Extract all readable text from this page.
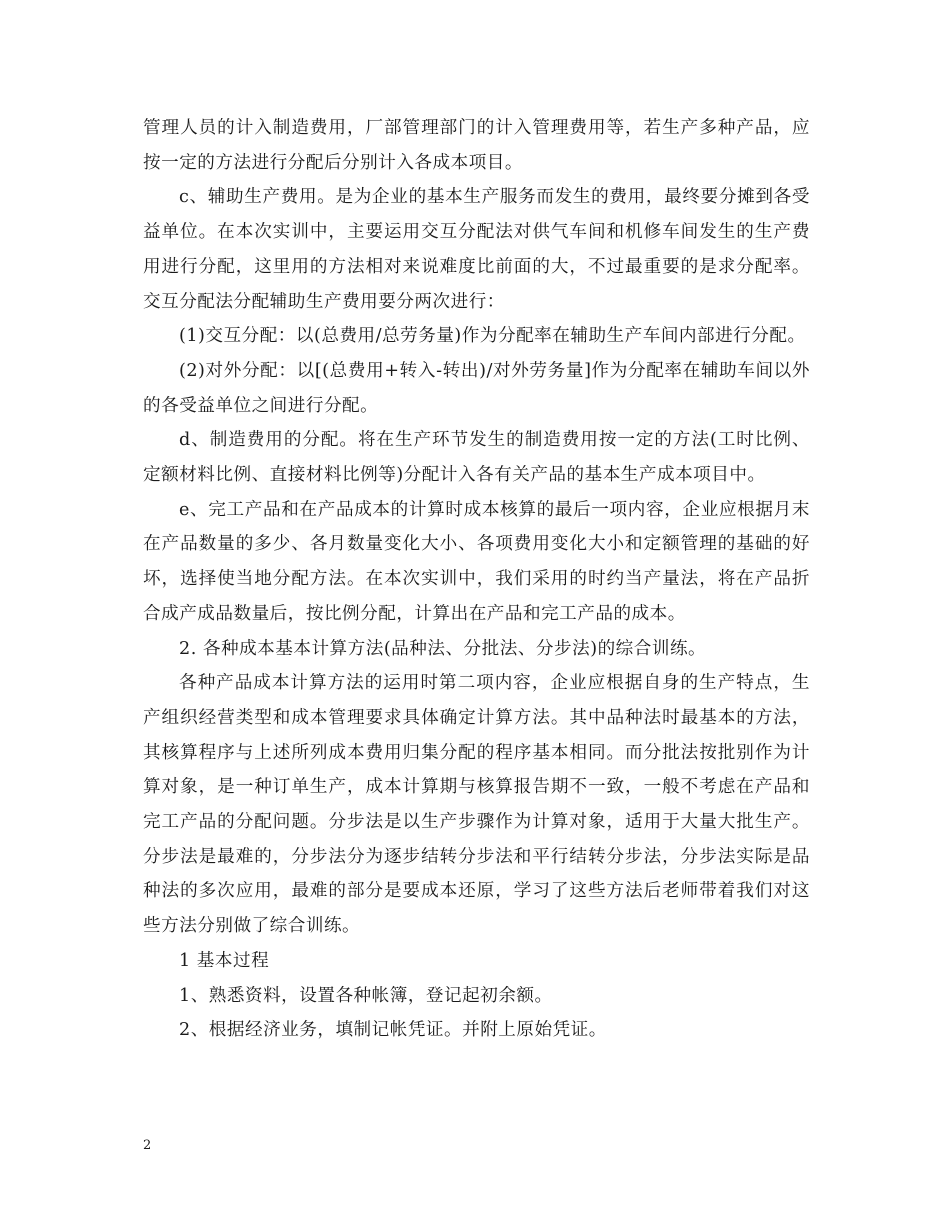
管理人员的计入制造费用，厂部管理部门的计入管理费用等，若生产多种产品，应按一定的方法进行分配后分别计入各成本项目。

c、辅助生产费用。是为企业的基本生产服务而发生的费用，最终要分摊到各受益单位。在本次实训中，主要运用交互分配法对供气车间和机修车间发生的生产费用进行分配，这里用的方法相对来说难度比前面的大，不过最重要的是求分配率。交互分配法分配辅助生产费用要分两次进行：

(1)交互分配：以(总费用/总劳务量)作为分配率在辅助生产车间内部进行分配。

(2)对外分配：以[(总费用+转入-转出)/对外劳务量]作为分配率在辅助车间以外的各受益单位之间进行分配。

d、制造费用的分配。将在生产环节发生的制造费用按一定的方法(工时比例、定额材料比例、直接材料比例等)分配计入各有关产品的基本生产成本项目中。

e、完工产品和在产品成本的计算时成本核算的最后一项内容，企业应根据月末在产品数量的多少、各月数量变化大小、各项费用变化大小和定额管理的基础的好坏，选择使当地分配方法。在本次实训中，我们采用的时约当产量法，将在产品折合成产成品数量后，按比例分配，计算出在产品和完工产品的成本。

2. 各种成本基本计算方法(品种法、分批法、分步法)的综合训练。

各种产品成本计算方法的运用时第二项内容，企业应根据自身的生产特点，生产组织经营类型和成本管理要求具体确定计算方法。其中品种法时最基本的方法，其核算程序与上述所列成本费用归集分配的程序基本相同。而分批法按批别作为计算对象，是一种订单生产，成本计算期与核算报告期不一致，一般不考虑在产品和完工产品的分配问题。分步法是以生产步骤作为计算对象，适用于大量大批生产。分步法是最难的，分步法分为逐步结转分步法和平行结转分步法，分步法实际是品种法的多次应用，最难的部分是要成本还原，学习了这些方法后老师带着我们对这些方法分别做了综合训练。

1 基本过程

1、熟悉资料，设置各种帐簿，登记起初余额。

2、根据经济业务，填制记帐凭证。并附上原始凭证。

2
